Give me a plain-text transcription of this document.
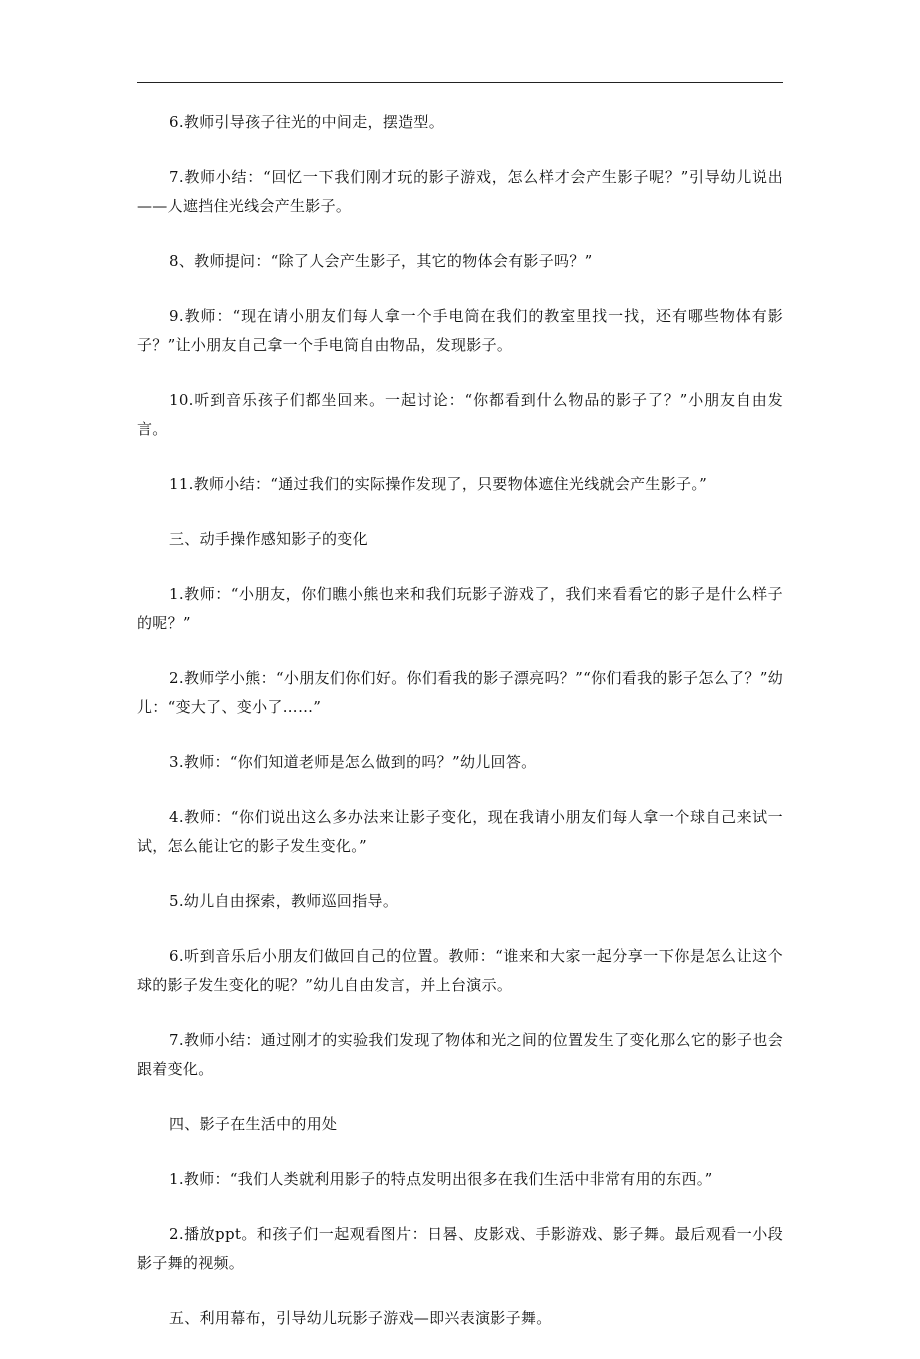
6.教师引导孩子往光的中间走，摆造型。

7.教师小结：“回忆一下我们刚才玩的影子游戏，怎么样才会产生影子呢？”引导幼儿说出——人遮挡住光线会产生影子。

8、教师提问：“除了人会产生影子，其它的物体会有影子吗？”

9.教师：“现在请小朋友们每人拿一个手电筒在我们的教室里找一找，还有哪些物体有影子？”让小朋友自己拿一个手电筒自由物品，发现影子。

10.听到音乐孩子们都坐回来。一起讨论：“你都看到什么物品的影子了？”小朋友自由发言。

11.教师小结：“通过我们的实际操作发现了，只要物体遮住光线就会产生影子。”

三、动手操作感知影子的变化

1.教师：“小朋友，你们瞧小熊也来和我们玩影子游戏了，我们来看看它的影子是什么样子的呢？”

2.教师学小熊：“小朋友们你们好。你们看我的影子漂亮吗？”“你们看我的影子怎么了？”幼儿：“变大了、变小了……”

3.教师：“你们知道老师是怎么做到的吗？”幼儿回答。

4.教师：“你们说出这么多办法来让影子变化，现在我请小朋友们每人拿一个球自己来试一试，怎么能让它的影子发生变化。”

5.幼儿自由探索，教师巡回指导。

6.听到音乐后小朋友们做回自己的位置。教师：“谁来和大家一起分享一下你是怎么让这个球的影子发生变化的呢？”幼儿自由发言，并上台演示。

7.教师小结：通过刚才的实验我们发现了物体和光之间的位置发生了变化那么它的影子也会跟着变化。

四、影子在生活中的用处

1.教师：“我们人类就利用影子的特点发明出很多在我们生活中非常有用的东西。”

2.播放ppt。和孩子们一起观看图片：日晷、皮影戏、手影游戏、影子舞。最后观看一小段影子舞的视频。

五、利用幕布，引导幼儿玩影子游戏—即兴表演影子舞。
